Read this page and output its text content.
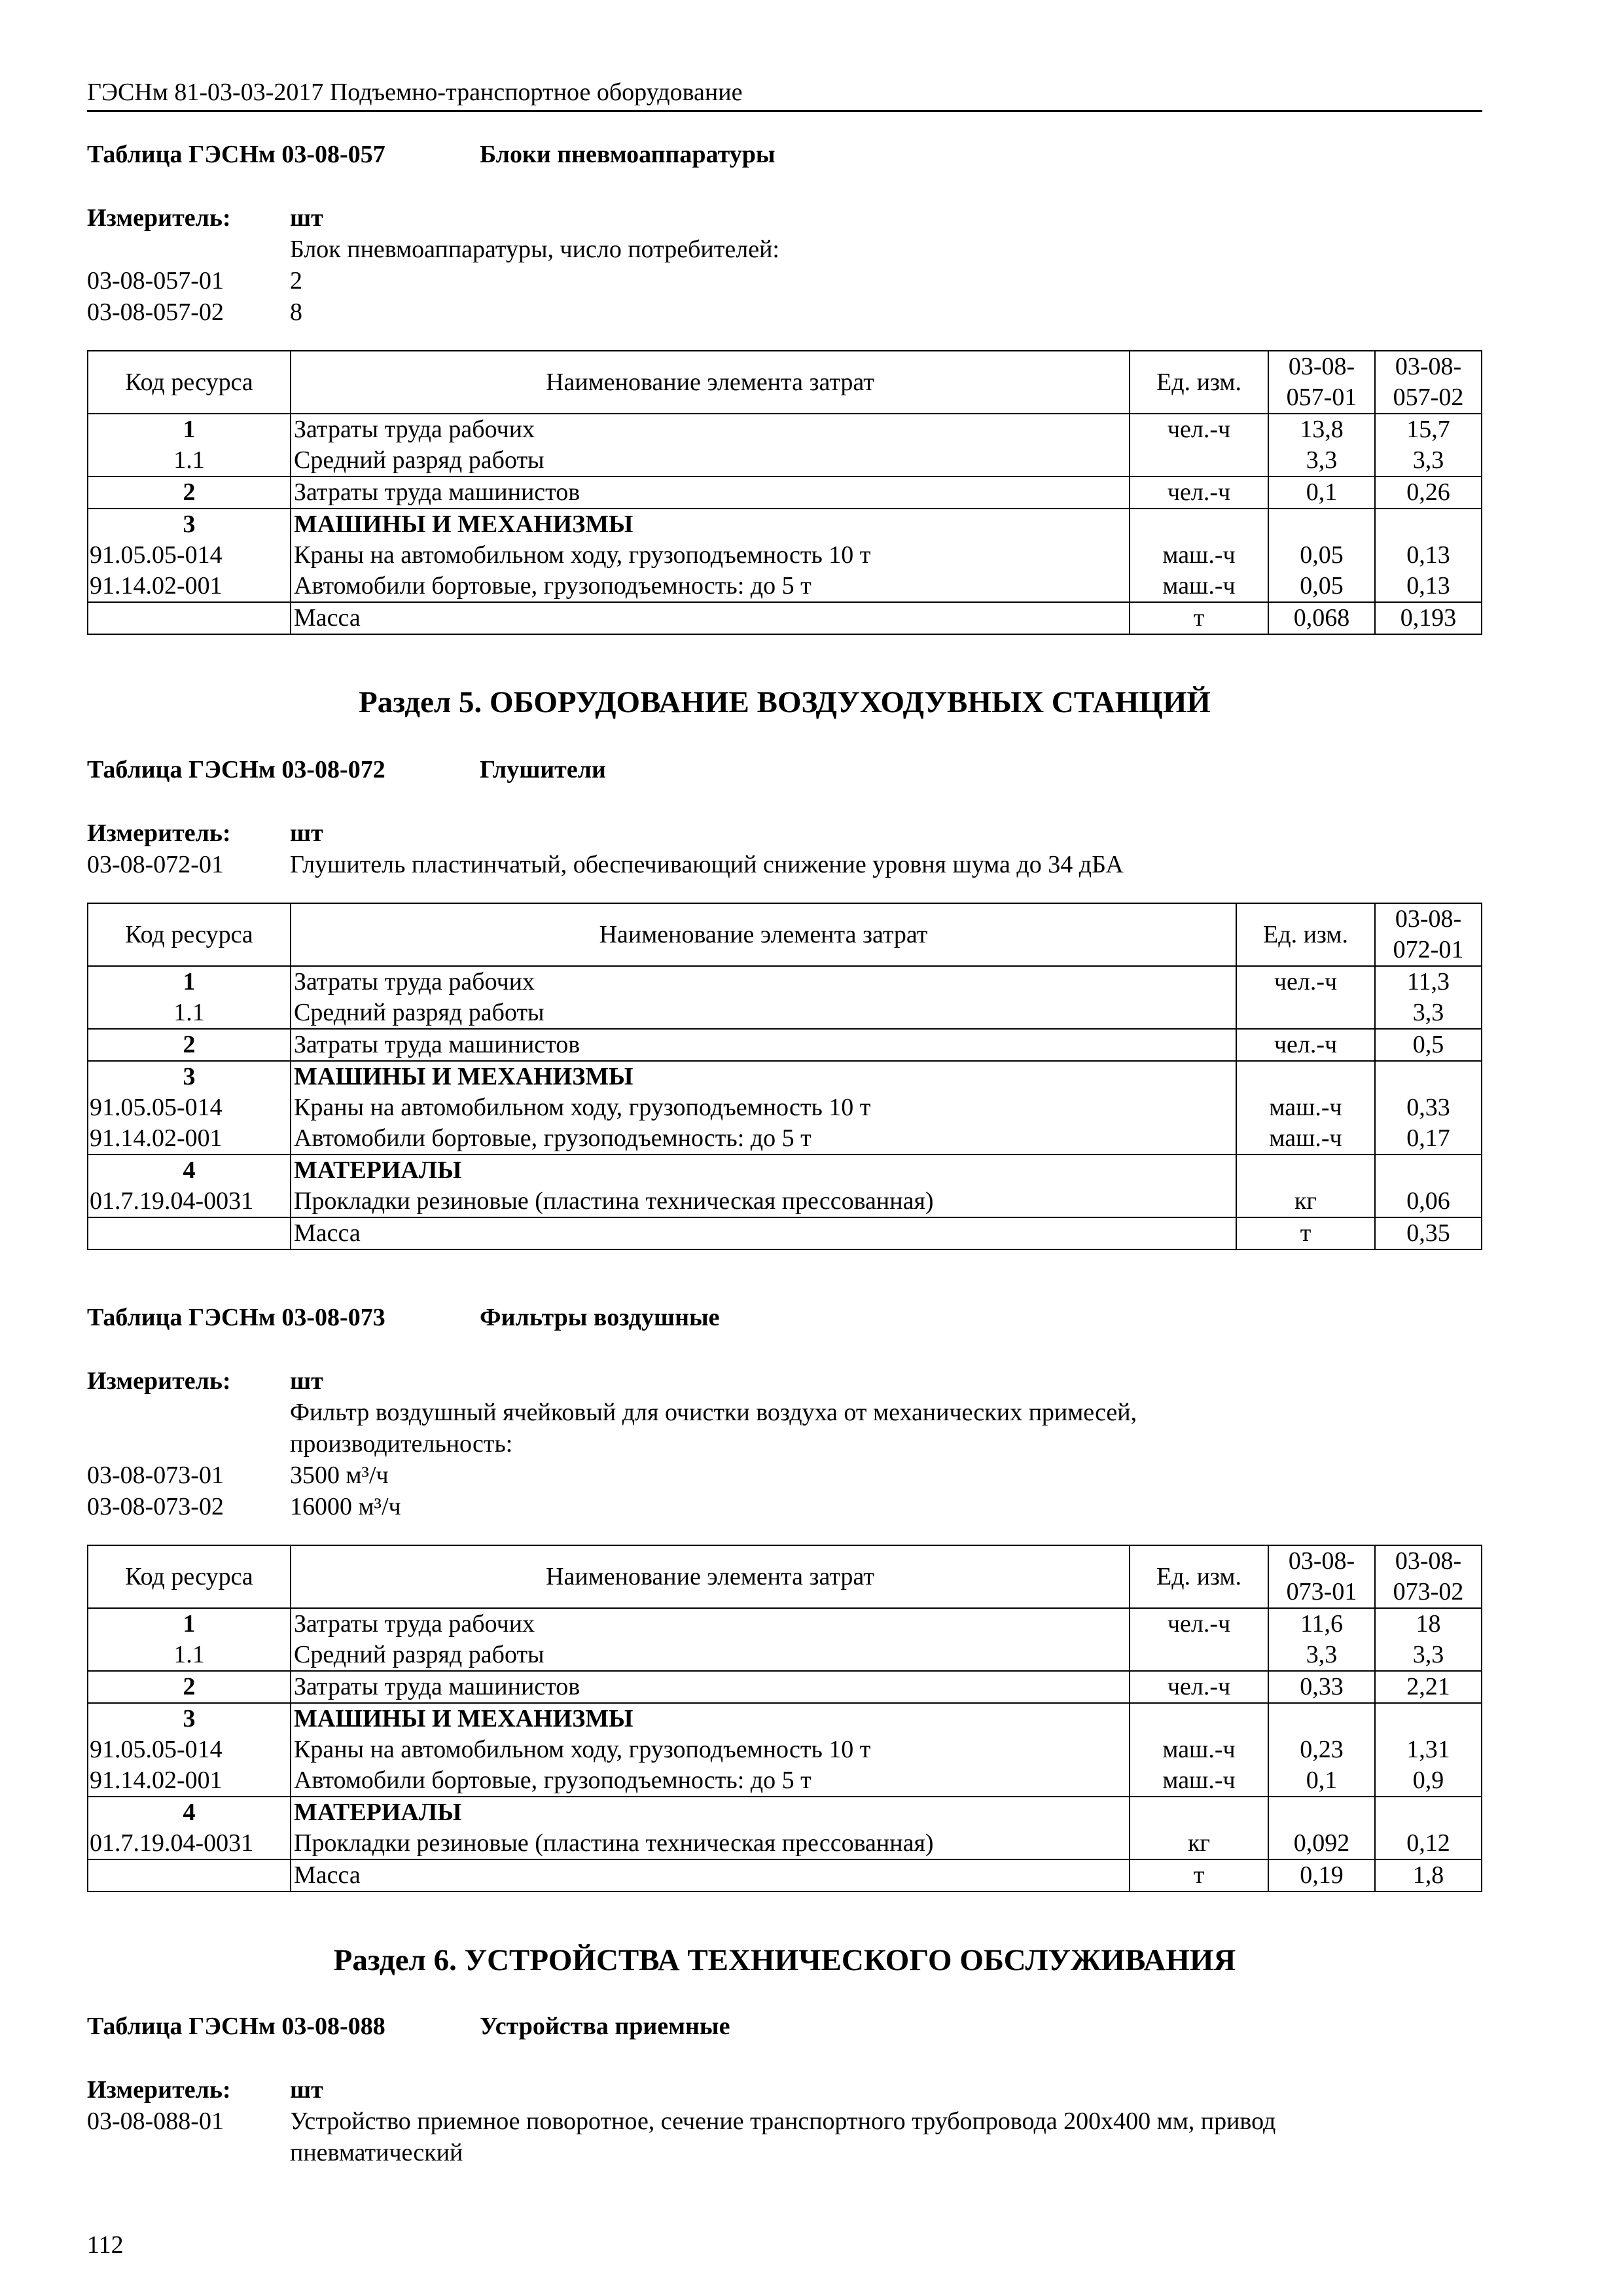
ГЭСНм 81-03-03-2017 Подъемно-транспортное оборудование
Таблица ГЭСНм 03-08-057	Блоки пневмоаппаратуры
Измеритель:	шт
Блок пневмоаппаратуры, число потребителей:
03-08-057-01	2
03-08-057-02	8
Код ресурса	Наименование элемента затрат	Ед. изм.	03-08-057-01	03-08-057-02
1	Затраты труда рабочих	чел.-ч	13,8	15,7
1.1	Средний разряд работы		3,3	3,3
2	Затраты труда машинистов	чел.-ч	0,1	0,26
3	МАШИНЫ И МЕХАНИЗМЫ			
91.05.05-014	Краны на автомобильном ходу, грузоподъемность 10 т	маш.-ч	0,05	0,13
91.14.02-001	Автомобили бортовые, грузоподъемность: до 5 т	маш.-ч	0,05	0,13
	Масса	т	0,068	0,193
Раздел 5. ОБОРУДОВАНИЕ ВОЗДУХОДУВНЫХ СТАНЦИЙ
Таблица ГЭСНм 03-08-072	Глушители
Измеритель:	шт
03-08-072-01	Глушитель пластинчатый, обеспечивающий снижение уровня шума до 34 дБА
Код ресурса	Наименование элемента затрат	Ед. изм.	03-08-072-01
1	Затраты труда рабочих	чел.-ч	11,3
1.1	Средний разряд работы		3,3
2	Затраты труда машинистов	чел.-ч	0,5
3	МАШИНЫ И МЕХАНИЗМЫ		
91.05.05-014	Краны на автомобильном ходу, грузоподъемность 10 т	маш.-ч	0,33
91.14.02-001	Автомобили бортовые, грузоподъемность: до 5 т	маш.-ч	0,17
4	МАТЕРИАЛЫ		
01.7.19.04-0031	Прокладки резиновые (пластина техническая прессованная)	кг	0,06
	Масса	т	0,35
Таблица ГЭСНм 03-08-073	Фильтры воздушные
Измеритель:	шт
Фильтр воздушный ячейковый для очистки воздуха от механических примесей,
производительность:
03-08-073-01	3500 м³/ч
03-08-073-02	16000 м³/ч
Код ресурса	Наименование элемента затрат	Ед. изм.	03-08-073-01	03-08-073-02
1	Затраты труда рабочих	чел.-ч	11,6	18
1.1	Средний разряд работы		3,3	3,3
2	Затраты труда машинистов	чел.-ч	0,33	2,21
3	МАШИНЫ И МЕХАНИЗМЫ			
91.05.05-014	Краны на автомобильном ходу, грузоподъемность 10 т	маш.-ч	0,23	1,31
91.14.02-001	Автомобили бортовые, грузоподъемность: до 5 т	маш.-ч	0,1	0,9
4	МАТЕРИАЛЫ			
01.7.19.04-0031	Прокладки резиновые (пластина техническая прессованная)	кг	0,092	0,12
	Масса	т	0,19	1,8
Раздел 6. УСТРОЙСТВА ТЕХНИЧЕСКОГО ОБСЛУЖИВАНИЯ
Таблица ГЭСНм 03-08-088	Устройства приемные
Измеритель:	шт
03-08-088-01	Устройство приемное поворотное, сечение транспортного трубопровода 200x400 мм, привод
пневматический
112
